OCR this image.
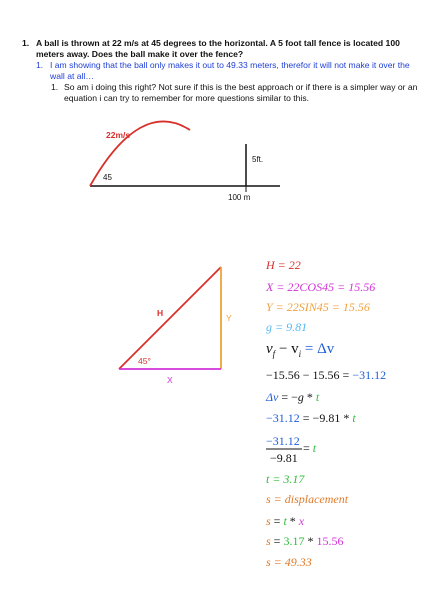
1. A ball is thrown at 22 m/s at 45 degrees to the horizontal. A 5 foot tall fence is located 100 meters away. Does the ball make it over the fence?
1. I am showing that the ball only makes it out to 49.33 meters, therefor it will not make it over the wall at all…
1. So am i doing this right? Not sure if this is the best approach or if there is a simpler way or an equation i can try to remember for more questions similar to this.
22m/s
45
5ft.
100 m
H	Y
X
45°
H = 22
X = 22COS45 = 15.56
Y = 22SIN45 = 15.56
g = 9.81
$v_f - v_i = \Delta v$
−15.56 − 15.56 = −31.12
Δv = −g * t
−31.12 = −9.81 * t
−31.12 = t
−9.81
t = 3.17
s = displacement
s = t * x
s = 3.17 * 15.56
s = 49.33
